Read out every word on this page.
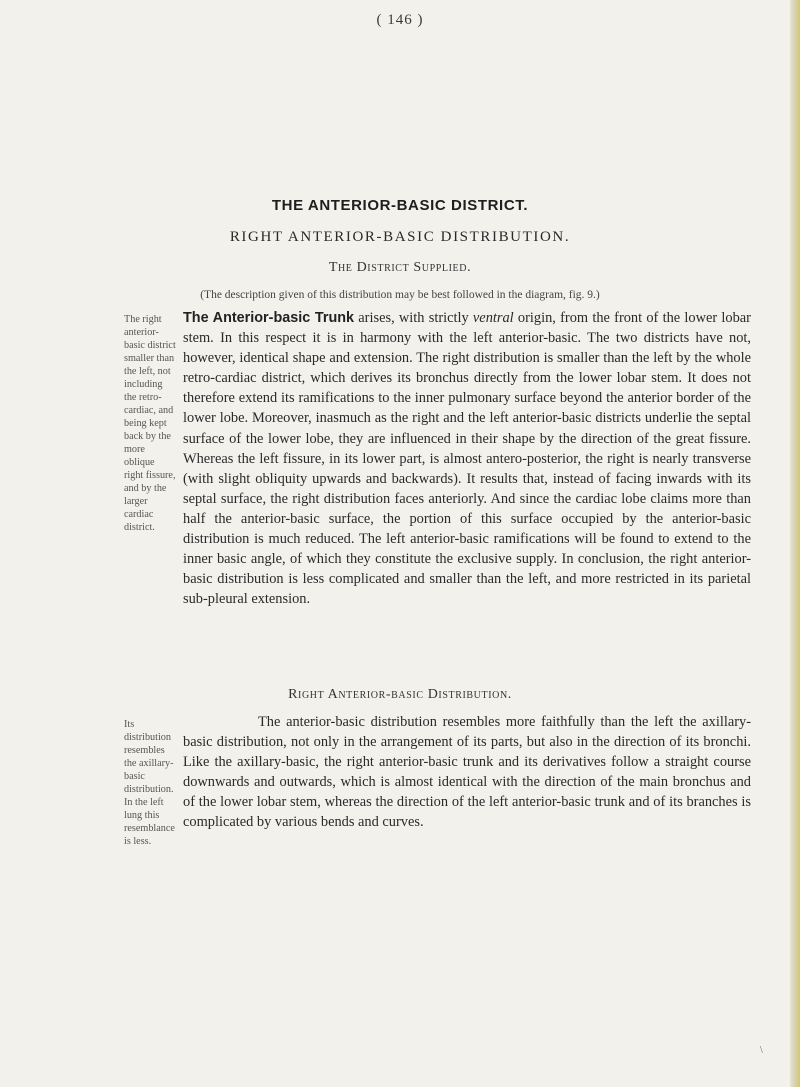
( 146 )
THE ANTERIOR-BASIC DISTRICT.
RIGHT ANTERIOR-BASIC DISTRIBUTION.
The District Supplied.
(The description given of this distribution may be best followed in the diagram, fig. 9.)
The right anterior-basic district smaller than the left, not including the retro-cardiac, and being kept back by the more oblique right fissure, and by the larger cardiac district.
The Anterior-basic Trunk arises, with strictly ventral origin, from the front of the lower lobar stem. In this respect it is in harmony with the left anterior-basic. The two districts have not, however, identical shape and extension. The right distribution is smaller than the left by the whole retro-cardiac district, which derives its bronchus directly from the lower lobar stem. It does not therefore extend its ramifications to the inner pulmonary surface beyond the anterior border of the lower lobe. Moreover, inasmuch as the right and the left anterior-basic districts underlie the septal surface of the lower lobe, they are influenced in their shape by the direction of the great fissure. Whereas the left fissure, in its lower part, is almost antero-posterior, the right is nearly transverse (with slight obliquity upwards and backwards). It results that, instead of facing inwards with its septal surface, the right distribution faces anteriorly. And since the cardiac lobe claims more than half the anterior-basic surface, the portion of this surface occupied by the anterior-basic distribution is much reduced. The left anterior-basic ramifications will be found to extend to the inner basic angle, of which they constitute the exclusive supply. In conclusion, the right anterior-basic distribution is less complicated and smaller than the left, and more restricted in its parietal sub-pleural extension.
Right Anterior-basic Distribution.
Its distribution resembles the axillary-basic distribution. In the left lung this resemblance is less.
The anterior-basic distribution resembles more faithfully than the left the axillary-basic distribution, not only in the arrangement of its parts, but also in the direction of its bronchi. Like the axillary-basic, the right anterior-basic trunk and its derivatives follow a straight course downwards and outwards, which is almost identical with the direction of the main bronchus and of the lower lobar stem, whereas the direction of the left anterior-basic trunk and of its branches is complicated by various bends and curves.
\
